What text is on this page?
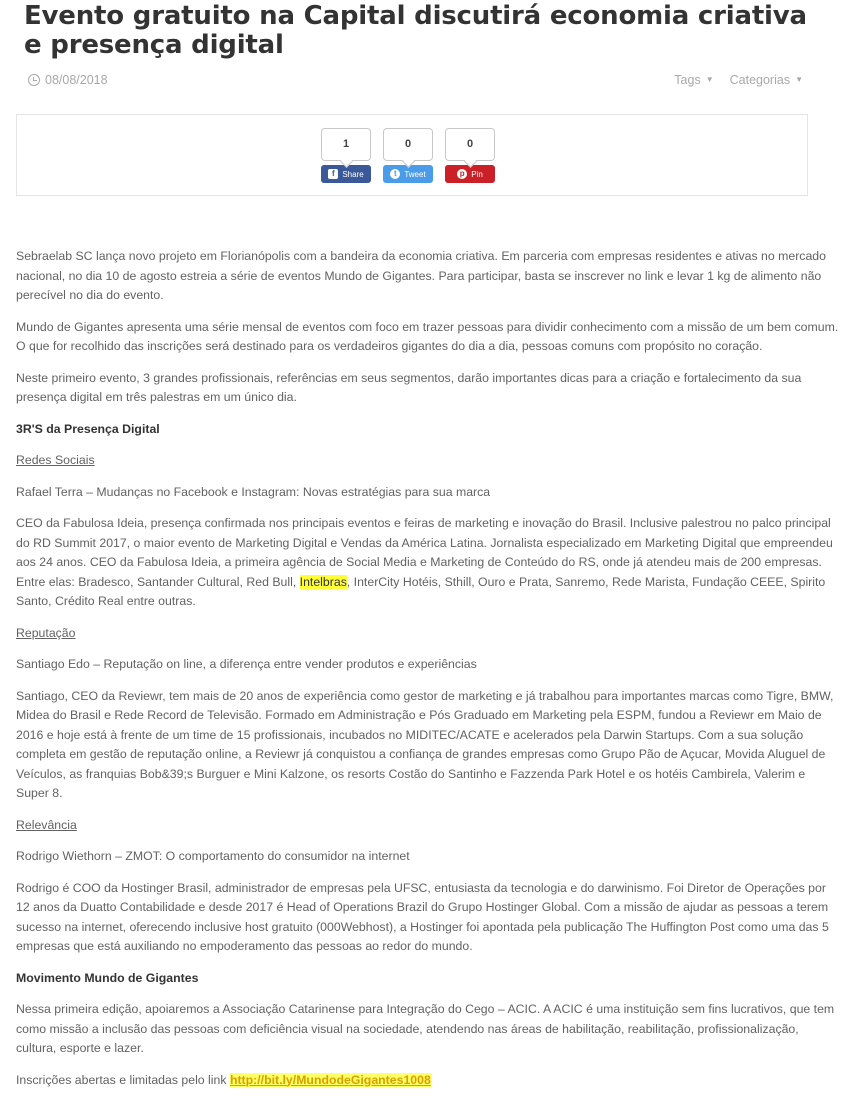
Evento gratuito na Capital discutirá economia criativa e presença digital
08/08/2018	Tags ▼ Categorias ▼
1
f Share
0
t Tweet
0
p Pin

Sebraelab SC lança novo projeto em Florianópolis com a bandeira da economia criativa. Em parceria com empresas residentes e ativas no mercado nacional, no dia 10 de agosto estreia a série de eventos Mundo de Gigantes. Para participar, basta se inscrever no link e levar 1 kg de alimento não perecível no dia do evento.

Mundo de Gigantes apresenta uma série mensal de eventos com foco em trazer pessoas para dividir conhecimento com a missão de um bem comum. O que for recolhido das inscrições será destinado para os verdadeiros gigantes do dia a dia, pessoas comuns com propósito no coração.

Neste primeiro evento, 3 grandes profissionais, referências em seus segmentos, darão importantes dicas para a criação e fortalecimento da sua presença digital em três palestras em um único dia.

3R'S da Presença Digital

Redes Sociais

Rafael Terra – Mudanças no Facebook e Instagram: Novas estratégias para sua marca

CEO da Fabulosa Ideia, presença confirmada nos principais eventos e feiras de marketing e inovação do Brasil. Inclusive palestrou no palco principal do RD Summit 2017, o maior evento de Marketing Digital e Vendas da América Latina. Jornalista especializado em Marketing Digital que empreendeu aos 24 anos. CEO da Fabulosa Ideia, a primeira agência de Social Media e Marketing de Conteúdo do RS, onde já atendeu mais de 200 empresas. Entre elas: Bradesco, Santander Cultural, Red Bull, Intelbras, InterCity Hotéis, Sthill, Ouro e Prata, Sanremo, Rede Marista, Fundação CEEE, Spirito Santo, Crédito Real entre outras.

Reputação

Santiago Edo – Reputação on line, a diferença entre vender produtos e experiências

Santiago, CEO da Reviewr, tem mais de 20 anos de experiência como gestor de marketing e já trabalhou para importantes marcas como Tigre, BMW, Midea do Brasil e Rede Record de Televisão. Formado em Administração e Pós Graduado em Marketing pela ESPM, fundou a Reviewr em Maio de 2016 e hoje está à frente de um time de 15 profissionais, incubados no MIDITEC/ACATE e acelerados pela Darwin Startups. Com a sua solução completa em gestão de reputação online, a Reviewr já conquistou a confiança de grandes empresas como Grupo Pão de Açucar, Movida Aluguel de Veículos, as franquias Bob&39;s Burguer e Mini Kalzone, os resorts Costão do Santinho e Fazzenda Park Hotel e os hotéis Cambirela, Valerim e Super 8.

Relevância

Rodrigo Wiethorn – ZMOT: O comportamento do consumidor na internet

Rodrigo é COO da Hostinger Brasil, administrador de empresas pela UFSC, entusiasta da tecnologia e do darwinismo. Foi Diretor de Operações por 12 anos da Duatto Contabilidade e desde 2017 é Head of Operations Brazil do Grupo Hostinger Global. Com a missão de ajudar as pessoas a terem sucesso na internet, oferecendo inclusive host gratuito (000Webhost), a Hostinger foi apontada pela publicação The Huffington Post como uma das 5 empresas que está auxiliando no empoderamento das pessoas ao redor do mundo.

Movimento Mundo de Gigantes

Nessa primeira edição, apoiaremos a Associação Catarinense para Integração do Cego – ACIC. A ACIC é uma instituição sem fins lucrativos, que tem como missão a inclusão das pessoas com deficiência visual na sociedade, atendendo nas áreas de habilitação, reabilitação, profissionalização, cultura, esporte e lazer.

Inscrições abertas e limitadas pelo link http://bit.ly/MundodeGigantes1008
